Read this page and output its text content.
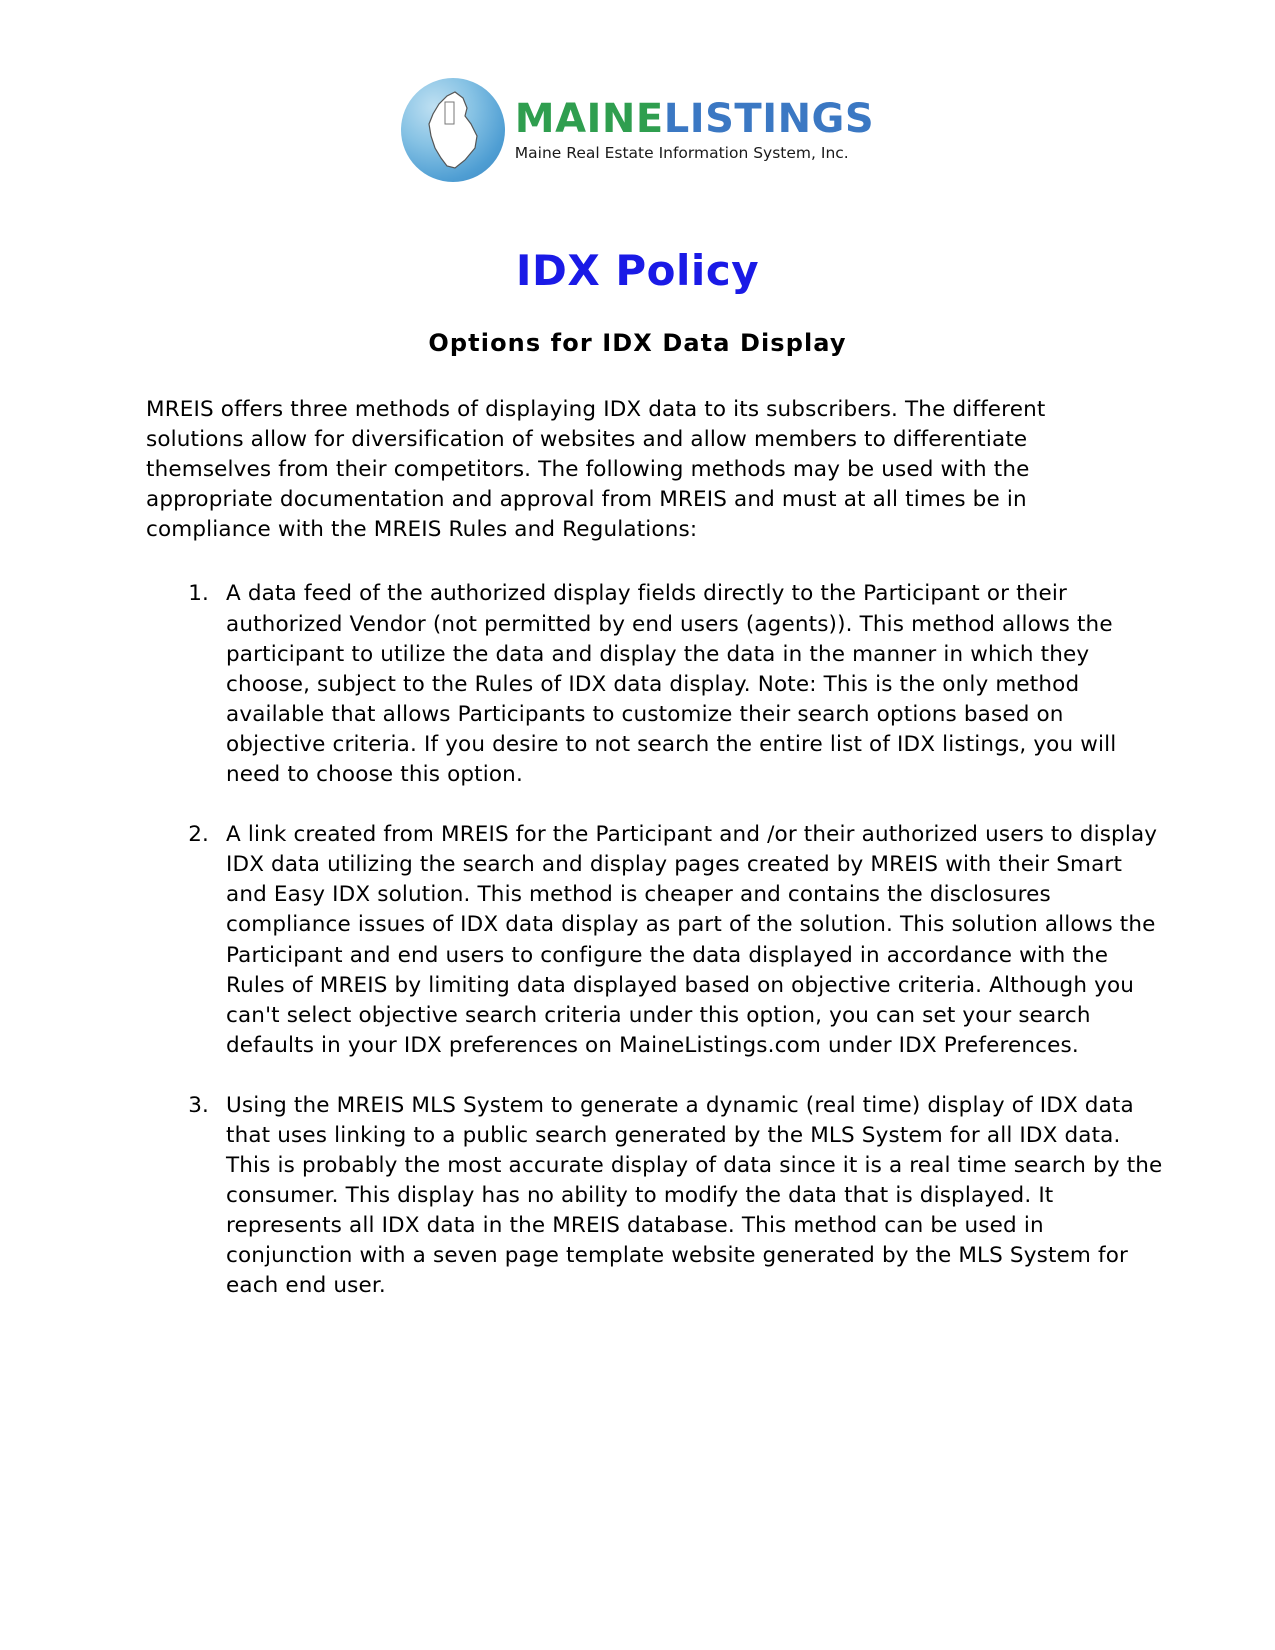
MAINELISTINGS
Maine Real Estate Information System, Inc.
IDX Policy
Options for IDX Data Display

MREIS offers three methods of displaying IDX data to its subscribers. The different solutions allow for diversification of websites and allow members to differentiate themselves from their competitors. The following methods may be used with the appropriate documentation and approval from MREIS and must at all times be in compliance with the MREIS Rules and Regulations:

1. A data feed of the authorized display fields directly to the Participant or their authorized Vendor (not permitted by end users (agents)). This method allows the participant to utilize the data and display the data in the manner in which they choose, subject to the Rules of IDX data display. Note: This is the only method available that allows Participants to customize their search options based on objective criteria. If you desire to not search the entire list of IDX listings, you will need to choose this option.
2. A link created from MREIS for the Participant and /or their authorized users to display IDX data utilizing the search and display pages created by MREIS with their Smart and Easy IDX solution. This method is cheaper and contains the disclosures compliance issues of IDX data display as part of the solution. This solution allows the Participant and end users to configure the data displayed in accordance with the Rules of MREIS by limiting data displayed based on objective criteria. Although you can't select objective search criteria under this option, you can set your search defaults in your IDX preferences on MaineListings.com under IDX Preferences.
3. Using the MREIS MLS System to generate a dynamic (real time) display of IDX data that uses linking to a public search generated by the MLS System for all IDX data. This is probably the most accurate display of data since it is a real time search by the consumer. This display has no ability to modify the data that is displayed. It represents all IDX data in the MREIS database. This method can be used in conjunction with a seven page template website generated by the MLS System for each end user.
